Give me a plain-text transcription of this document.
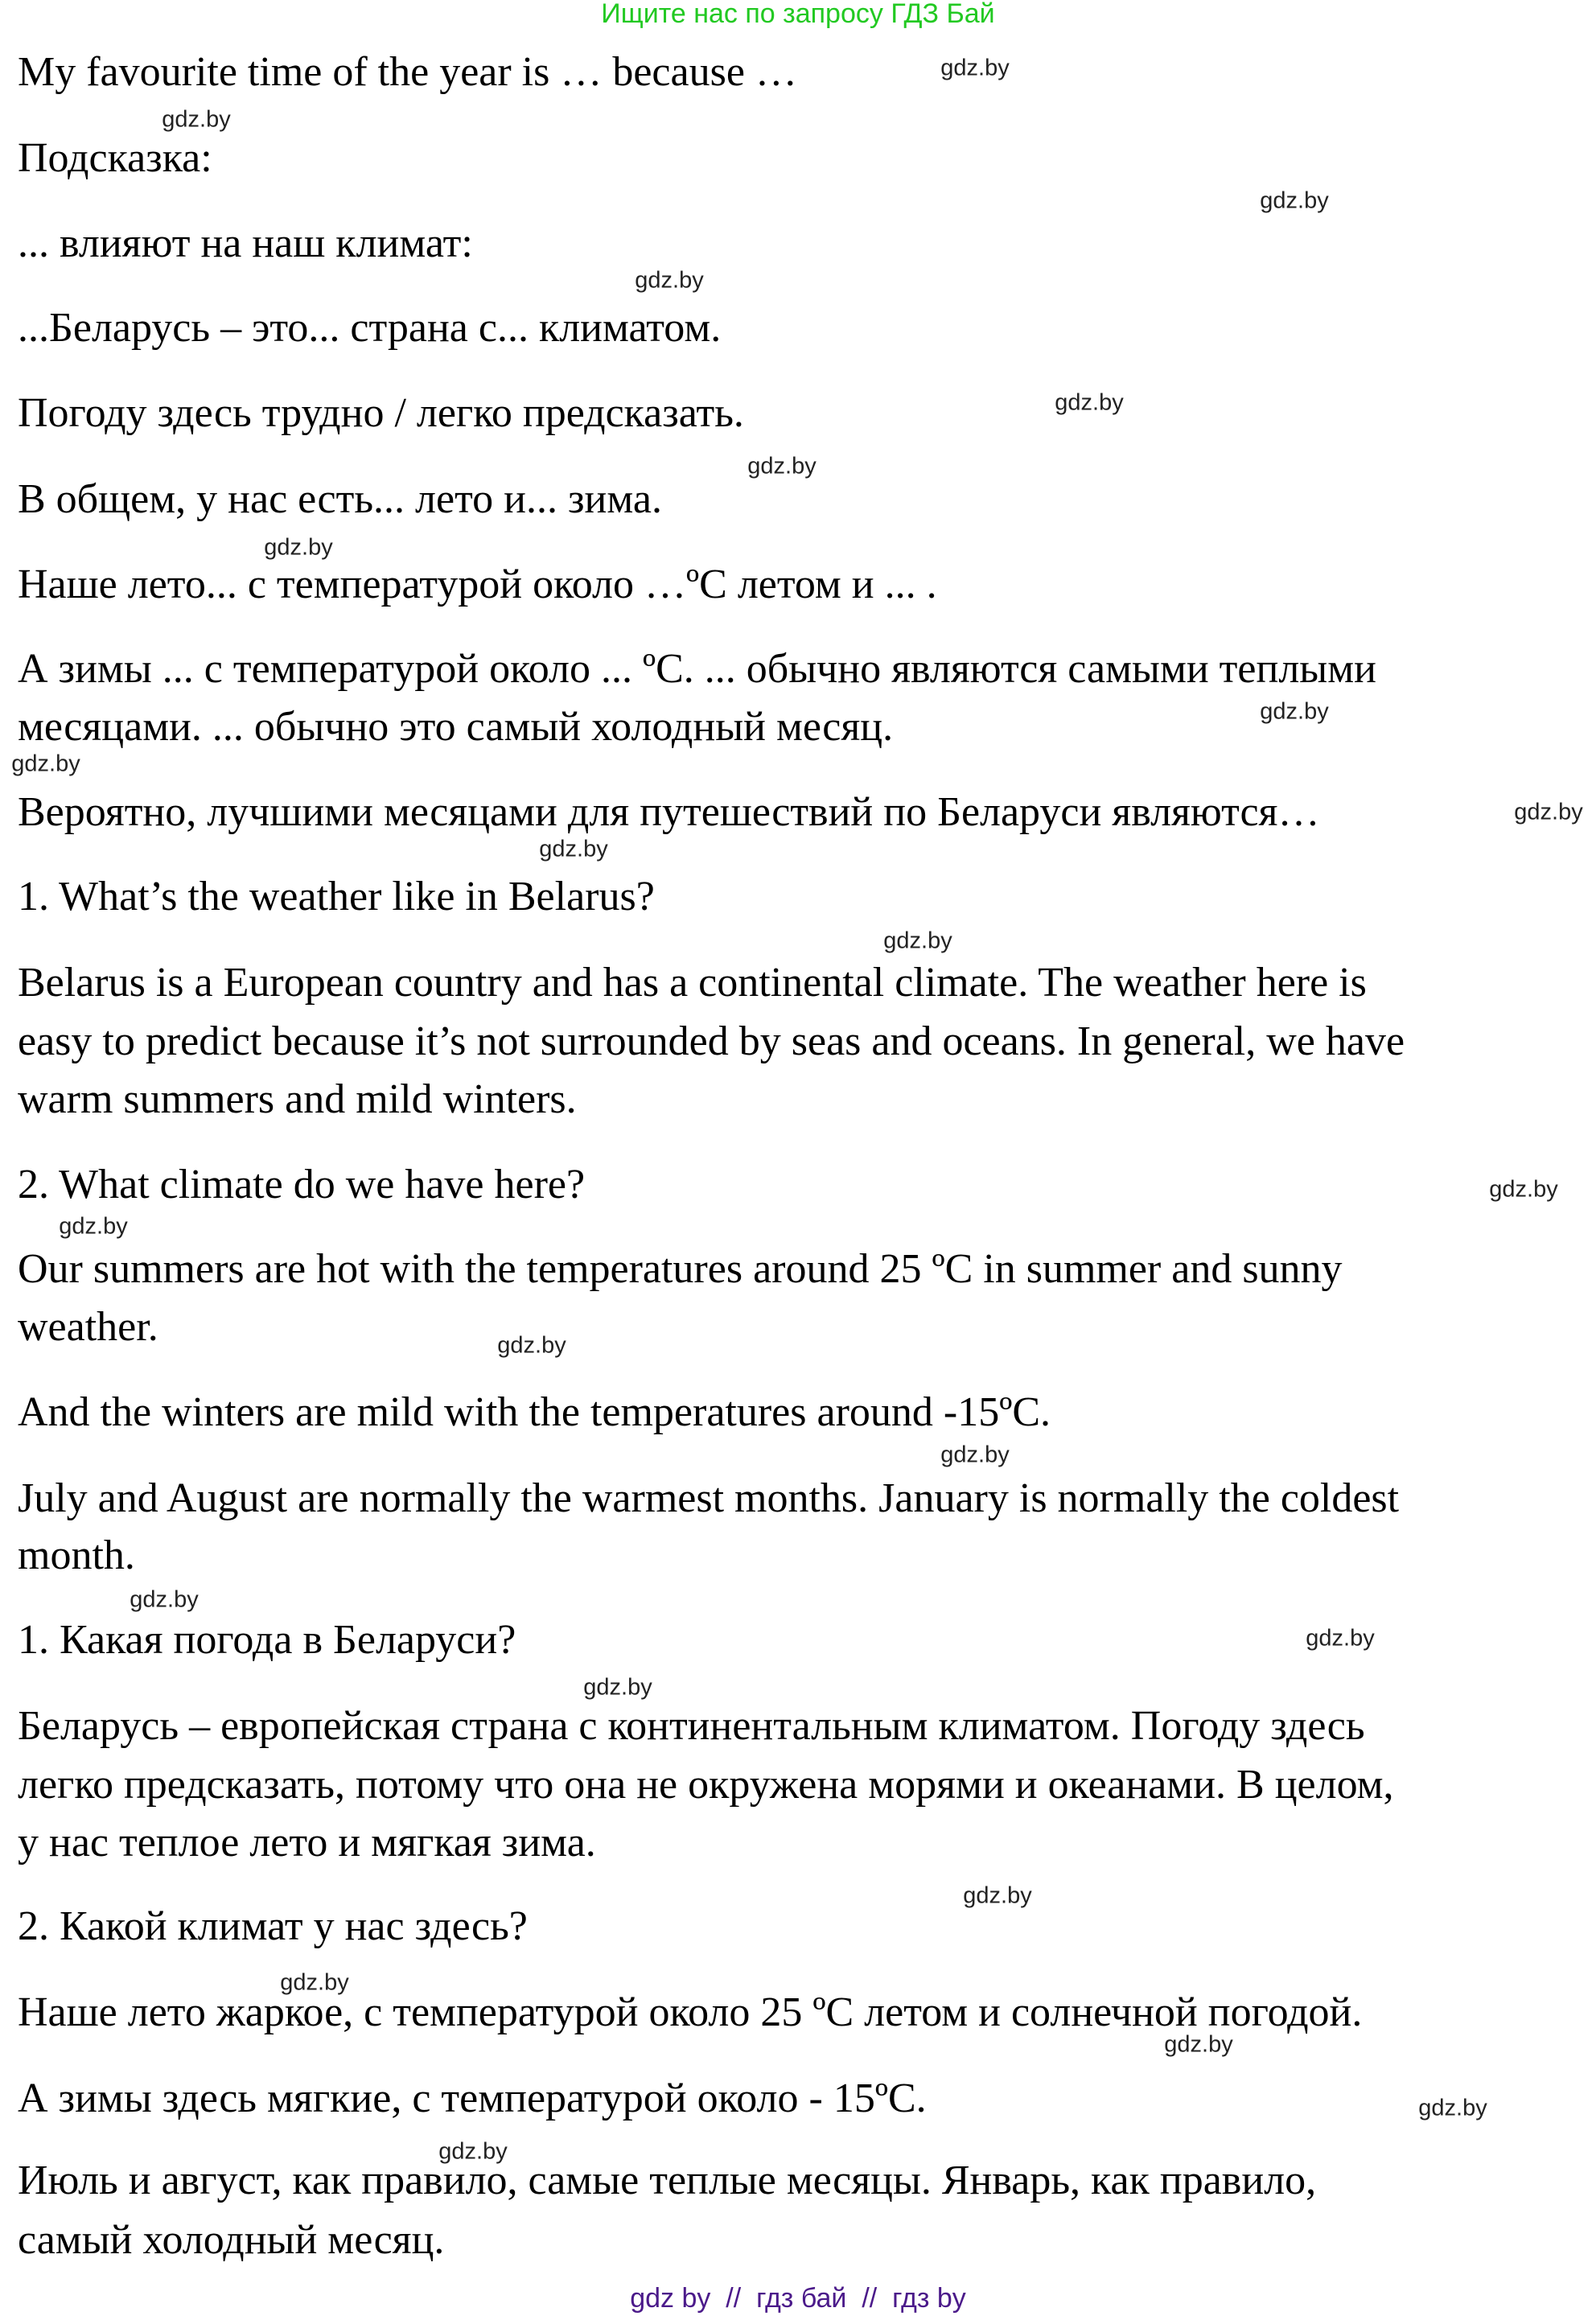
Ищите нас по запросу ГДЗ Бай
My favourite time of the year is … because …
Подсказка:
... влияют на наш климат:
...Беларусь – это... страна с... климатом.
Погоду здесь трудно / легко предсказать.
В общем, у нас есть... лето и... зима.
Наше лето... с температурой около …ºC летом и ... .
А зимы ... с температурой около ... ºC. ... обычно являются самыми теплыми
месяцами. ... обычно это самый холодный месяц.
Вероятно, лучшими месяцами для путешествий по Беларуси являются…
1. What’s the weather like in Belarus?
Belarus is a European country and has a continental climate. The weather here is
easy to predict because it’s not surrounded by seas and oceans. In general, we have
warm summers and mild winters.
2. What climate do we have here?
Our summers are hot with the temperatures around 25 ºC in summer and sunny
weather.
And the winters are mild with the temperatures around -15ºC.
July and August are normally the warmest months. January is normally the coldest
month.
1. Какая погода в Беларуси?
Беларусь – европейская страна с континентальным климатом. Погоду здесь
легко предсказать, потому что она не окружена морями и океанами. В целом,
у нас теплое лето и мягкая зима.
2. Какой климат у нас здесь?
Наше лето жаркое, с температурой около 25 ºC летом и солнечной погодой.
А зимы здесь мягкие, с температурой около - 15ºC.
Июль и август, как правило, самые теплые месяцы. Январь, как правило,
самый холодный месяц.
gdz.by
gdz.by
gdz.by
gdz.by
gdz.by
gdz.by
gdz.by
gdz.by
gdz.by
gdz.by
gdz.by
gdz.by
gdz.by
gdz.by
gdz.by
gdz.by
gdz.by
gdz.by
gdz.by
gdz.by
gdz.by
gdz.by
gdz.by
gdz.by
gdz by  //  гдз бай  //  гдз by
